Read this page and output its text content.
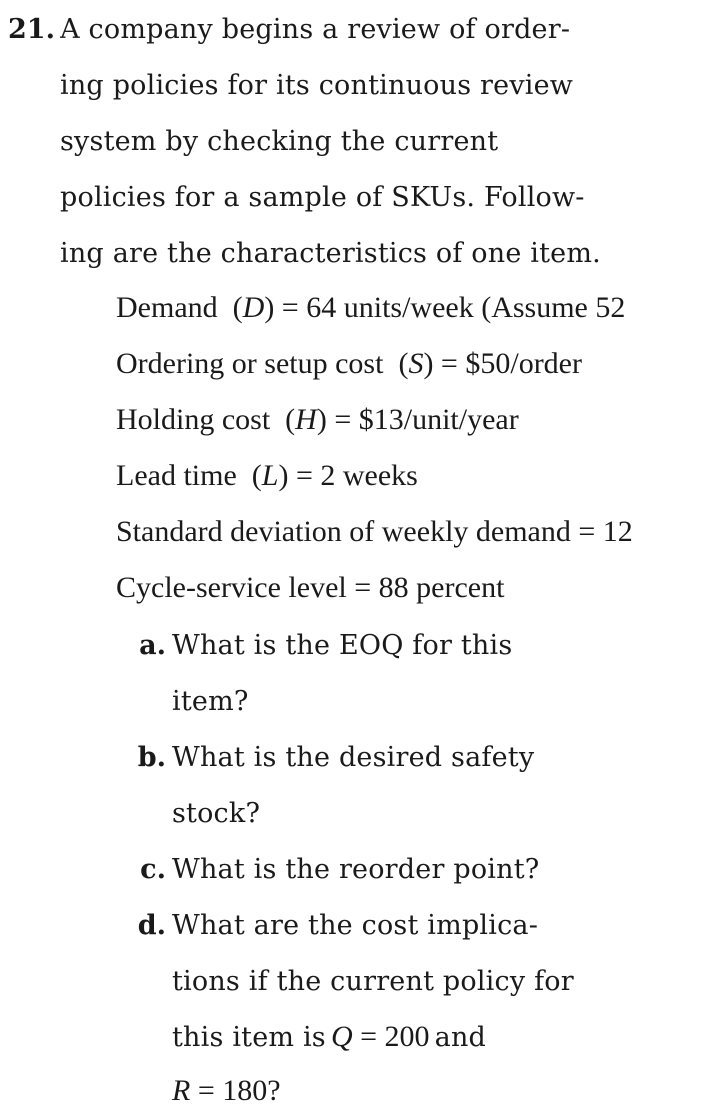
21. A company begins a review of order-
ing policies for its continuous review
system by checking the current
policies for a sample of SKUs. Follow-
ing are the characteristics of one item.
Demand  (D) = 64 units/week (Assume 52
Ordering or setup cost  (S) = $50/order
Holding cost  (H) = $13/unit/year
Lead time  (L) = 2 weeks
Standard deviation of weekly demand = 12
Cycle-service level = 88 percent
a. What is the EOQ for this
item?
b. What is the desired safety
stock?
c. What is the reorder point?
d. What are the cost implica-
tions if the current policy for
this item is Q = 200 and
R = 180?
